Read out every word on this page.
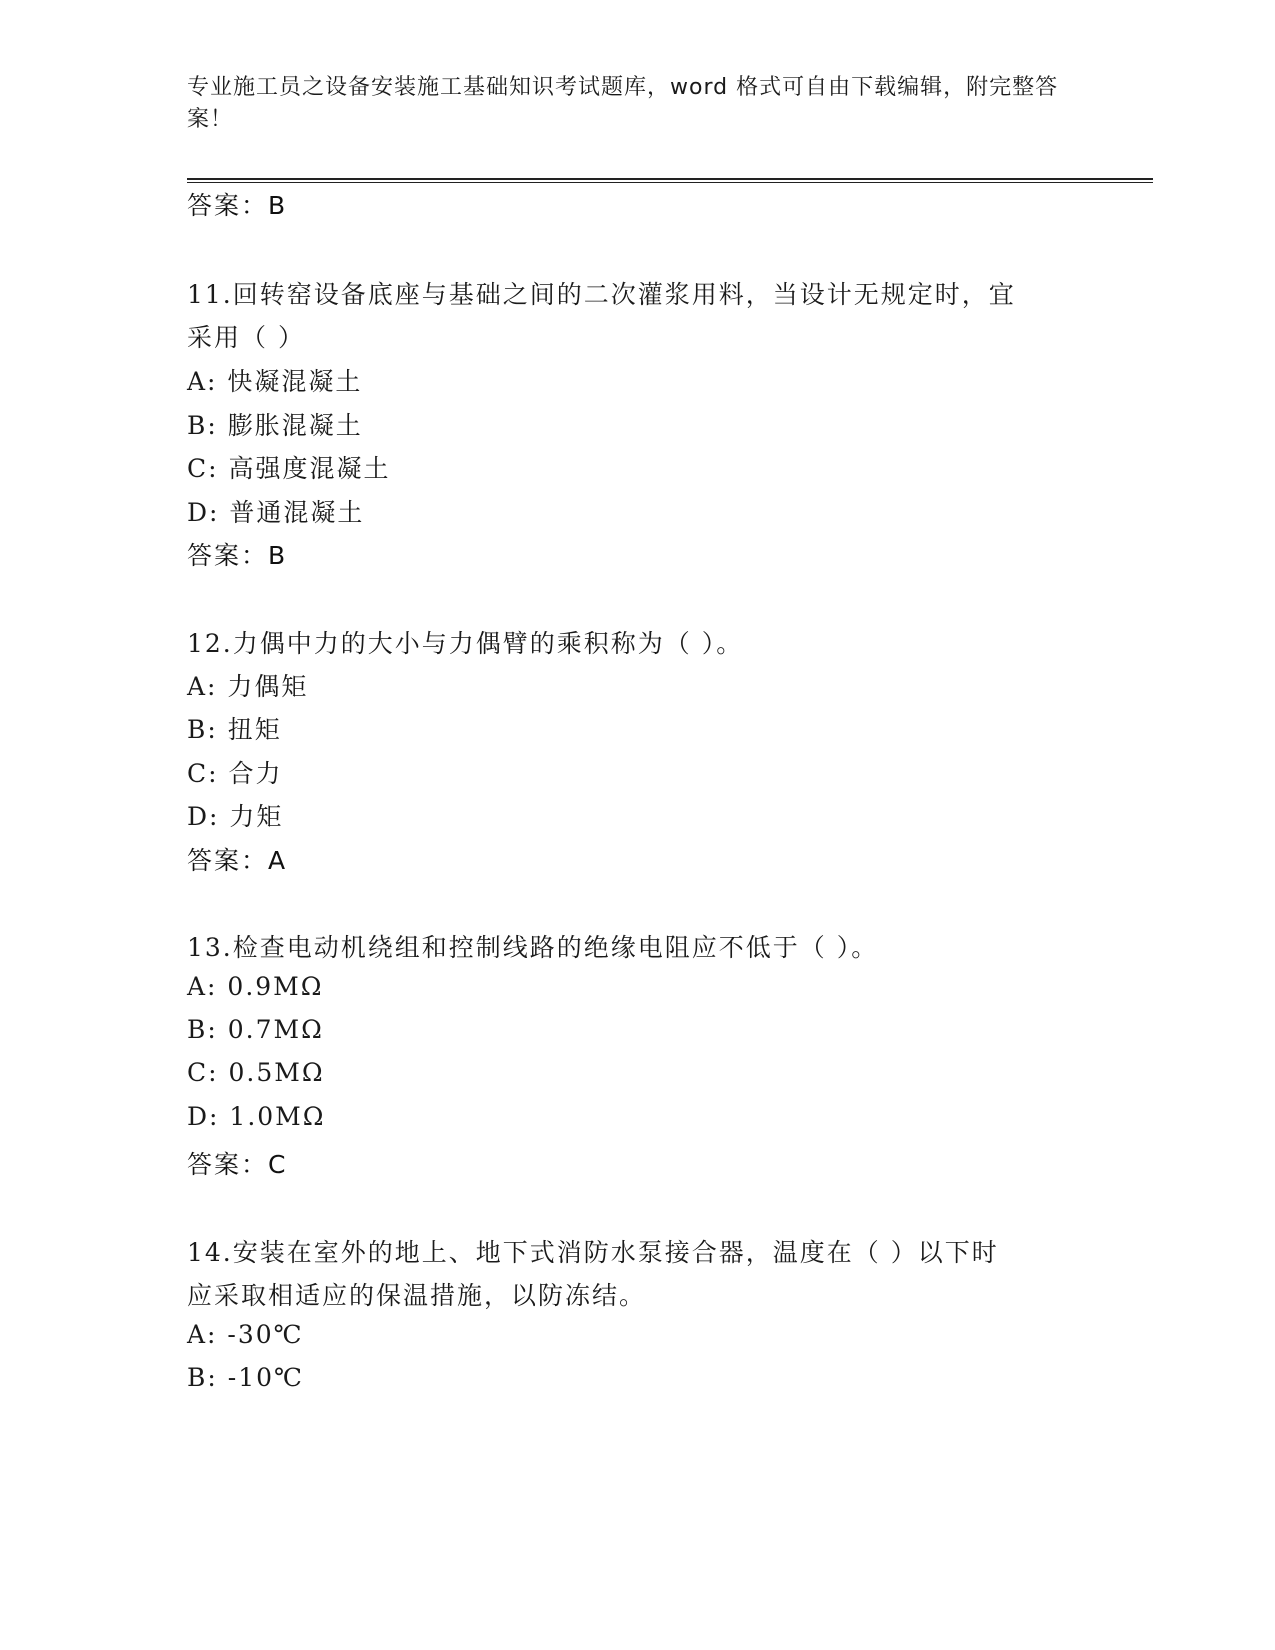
专业施工员之设备安装施工基础知识考试题库，word 格式可自由下载编辑，附完整答案！
答案：B
11.回转窑设备底座与基础之间的二次灌浆用料，当设计无规定时，宜
采用（ ）
A: 快凝混凝土
B: 膨胀混凝土
C: 高强度混凝土
D: 普通混凝土
答案：B
12.力偶中力的大小与力偶臂的乘积称为（ ）。
A: 力偶矩
B: 扭矩
C: 合力
D: 力矩
答案：A
13.检查电动机绕组和控制线路的绝缘电阻应不低于（ ）。
A: 0.9MΩ
B: 0.7MΩ
C: 0.5MΩ
D: 1.0MΩ
答案：C
14.安装在室外的地上、地下式消防水泵接合器，温度在（ ）以下时
应采取相适应的保温措施，以防冻结。
A: -30℃
B: -10℃
